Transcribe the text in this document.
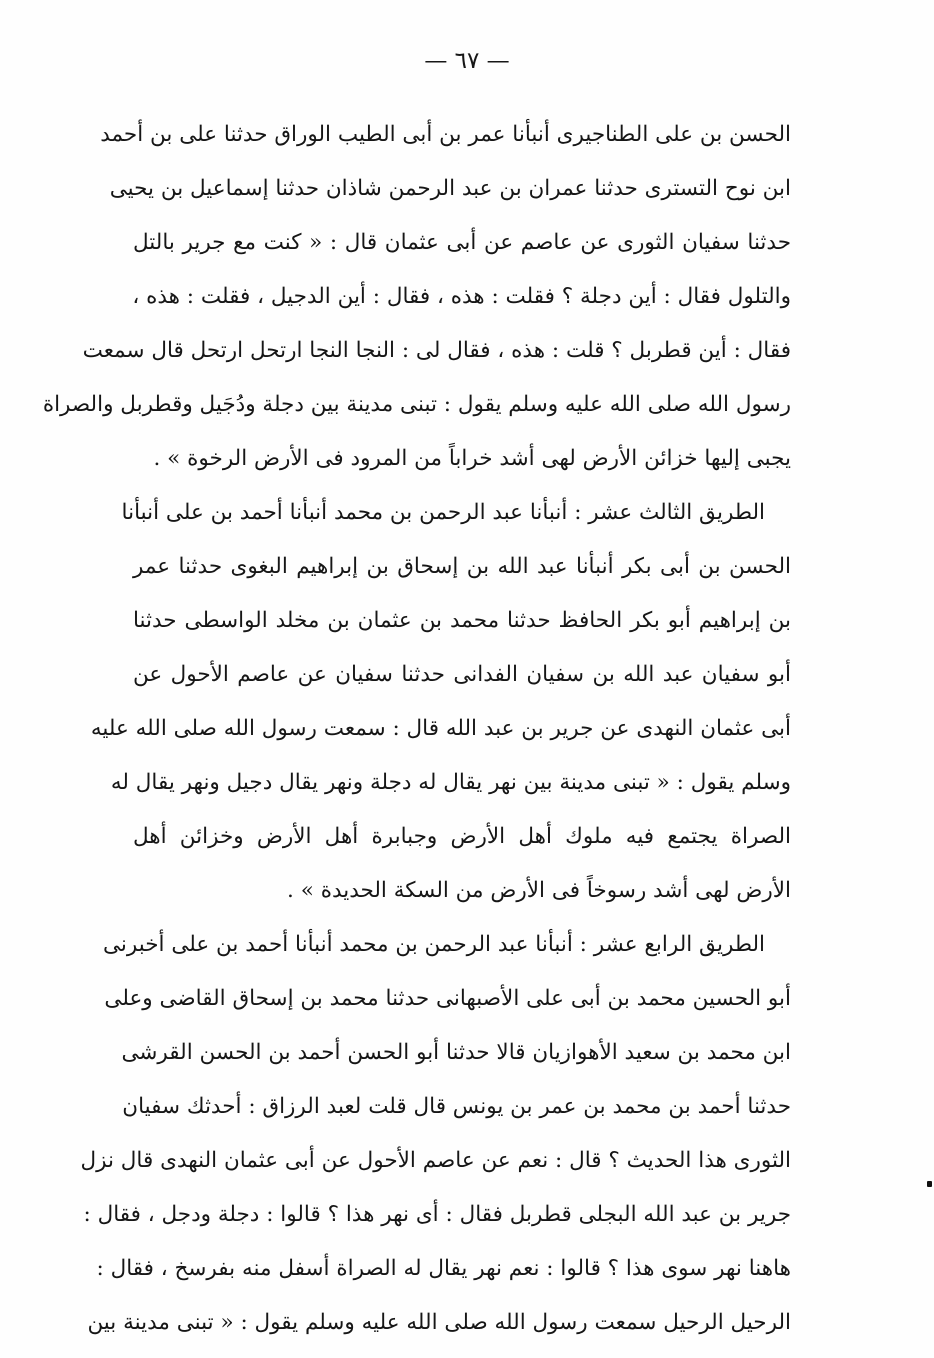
— ٦٧ —
الحسن بن على الطناجيرى أنبأنا عمر بن أبى الطيب الوراق حدثنا على بن أحمد
ابن نوح التسترى حدثنا عمران بن عبد الرحمن شاذان حدثنا إسماعيل بن يحيى
حدثنا سفيان الثورى عن عاصم عن أبى عثمان قال : « كنت مع جرير بالتل
والتلول فقال : أين دجلة ؟ فقلت : هذه ، فقال : أين الدجيل ، فقلت : هذه ،
فقال : أين قطربل ؟ قلت : هذه ، فقال لى : النجا النجا ارتحل ارتحل قال سمعت
رسول الله صلى الله عليه وسلم يقول : تبنى مدينة بين دجلة ودُجَيل وقطربل والصراة
يجبى إليها خزائن الأرض لهى أشد خراباً من المرود فى الأرض الرخوة » .
الطريق الثالث عشر : أنبأنا عبد الرحمن بن محمد أنبأنا أحمد بن على أنبأنا
الحسن بن أبى بكر أنبأنا عبد الله بن إسحاق بن إبراهيم البغوى حدثنا عمر
بن إبراهيم أبو بكر الحافظ حدثنا محمد بن عثمان بن مخلد الواسطى حدثنا
أبو سفيان عبد الله بن سفيان الفدانى حدثنا سفيان عن عاصم الأحول عن
أبى عثمان النهدى عن جرير بن عبد الله قال : سمعت رسول الله صلى الله عليه
وسلم يقول : « تبنى مدينة بين نهر يقال له دجلة ونهر يقال دجيل ونهر يقال له
الصراة يجتمع فيه ملوك أهل الأرض وجبابرة أهل الأرض وخزائن أهل
الأرض لهى أشد رسوخاً فى الأرض من السكة الحديدة » .
الطريق الرابع عشر : أنبأنا عبد الرحمن بن محمد أنبأنا أحمد بن على أخبرنى
أبو الحسين محمد بن أبى على الأصبهانى حدثنا محمد بن إسحاق القاضى وعلى
ابن محمد بن سعيد الأهوازيان قالا حدثنا أبو الحسن أحمد بن الحسن القرشى
حدثنا أحمد بن محمد بن عمر بن يونس قال قلت لعبد الرزاق : أحدثك سفيان
الثورى هذا الحديث ؟ قال : نعم عن عاصم الأحول عن أبى عثمان النهدى قال نزل
جرير بن عبد الله البجلى قطربل فقال : أى نهر هذا ؟ قالوا : دجلة ودجل ، فقال :
هاهنا نهر سوى هذا ؟ قالوا : نعم نهر يقال له الصراة أسفل منه بفرسخ ، فقال :
الرحيل الرحيل سمعت رسول الله صلى الله عليه وسلم يقول : « تبنى مدينة بين
